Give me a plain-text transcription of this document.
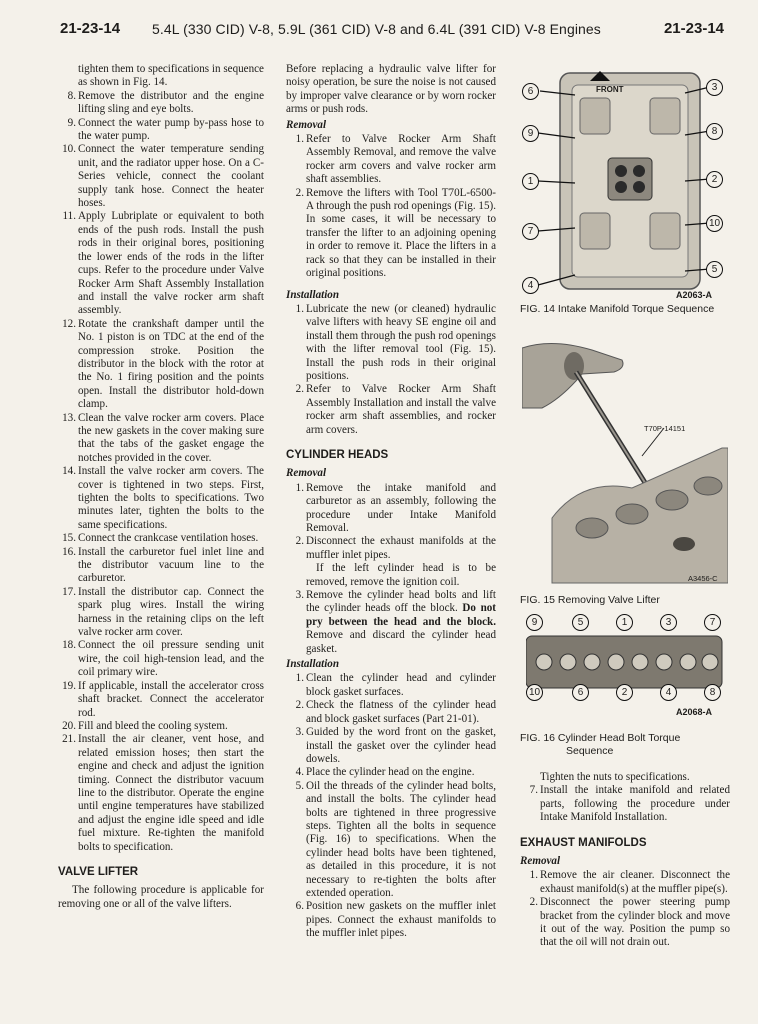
21-23-14 5.4L (330 CID) V-8, 5.9L (361 CID) V-8 and 6.4L (391 CID) V-8 Engines	21-23-14

tighten them to specifications in sequence as shown in Fig. 14.

8. Remove the distributor and the engine lifting sling and eye bolts.
9. Connect the water pump by-pass hose to the water pump.
10. Connect the water temperature sending unit, and the radiator upper hose. On a C-Series vehicle, connect the coolant supply tank hose. Connect the heater hoses.
11. Apply Lubriplate or equivalent to both ends of the push rods. Install the push rods in their original bores, positioning the lower ends of the rods in the lifter cups. Refer to the procedure under Valve Rocker Arm Shaft Assembly Installation and install the valve rocker arm shaft assembly.
12. Rotate the crankshaft damper until the No. 1 piston is on TDC at the end of the compression stroke. Position the distributor in the block with the rotor at the No. 1 firing position and the points open. Install the distributor hold-down clamp.
13. Clean the valve rocker arm covers. Place the new gaskets in the cover making sure that the tabs of the gasket engage the notches provided in the cover.
14. Install the valve rocker arm covers. The cover is tightened in two steps. First, tighten the bolts to specifications. Two minutes later, tighten the bolts to the same specifications.
15. Connect the crankcase ventilation hoses.
16. Install the carburetor fuel inlet line and the distributor vacuum line to the carburetor.
17. Install the distributor cap. Connect the spark plug wires. Install the wiring harness in the retaining clips on the left valve rocker arm cover.
18. Connect the oil pressure sending unit wire, the coil high-tension lead, and the coil primary wire.
19. If applicable, install the accelerator cross shaft bracket. Connect the accelerator rod.
20. Fill and bleed the cooling system.
21. Install the air cleaner, vent hose, and related emission hoses; then start the engine and check and adjust the ignition timing. Connect the distributor vacuum line to the distributor. Operate the engine until engine temperatures have stabilized and adjust the engine idle speed and idle fuel mixture. Re-tighten the manifold bolts to specification.
VALVE LIFTER

The following procedure is applicable for removing one or all of the valve lifters.

Before replacing a hydraulic valve lifter for noisy operation, be sure the noise is not caused by improper valve clearance or by worn rocker arms or push rods.

Removal
1. Refer to Valve Rocker Arm Shaft Assembly Removal, and remove the valve rocker arm covers and valve rocker arm shaft assemblies.
2. Remove the lifters with Tool T70L-6500-A through the push rod openings (Fig. 15). In some cases, it will be necessary to transfer the lifter to an adjoining opening in order to remove it. Place the lifters in a rack so that they can be installed in their original positions.
Installation
1. Lubricate the new (or cleaned) hydraulic valve lifters with heavy SE engine oil and install them through the push rod openings with the lifter removal tool (Fig. 15). Install the push rods in their original positions.
2. Refer to Valve Rocker Arm Shaft Assembly Installation and install the valve rocker arm shaft assemblies, and rocker arm covers.
CYLINDER HEADS
Removal
1. Remove the intake manifold and carburetor as an assembly, following the procedure under Intake Manifold Removal.
2. Disconnect the exhaust manifolds at the muffler inlet pipes.
If the left cylinder head is to be removed, remove the ignition coil.
3. Remove the cylinder head bolts and lift the cylinder heads off the block. Do not pry between the head and the block. Remove and discard the cylinder head gasket.
Installation
1. Clean the cylinder head and cylinder block gasket surfaces.
2. Check the flatness of the cylinder head and block gasket surfaces (Part 21-01).
3. Guided by the word front on the gasket, install the gasket over the cylinder head dowels.
4. Place the cylinder head on the engine.
5. Oil the threads of the cylinder head bolts, and install the bolts. The cylinder head bolts are tightened in three progressive steps. Tighten all the bolts in sequence (Fig. 16) to specifications. When the cylinder head bolts have been tightened, as detailed in this procedure, it is not necessary to re-tighten the bolts after extended operation.
6. Position new gaskets on the muffler inlet pipes. Connect the exhaust manifolds to the muffler inlet pipes.
FRONT
6
9
1
7
4
3
8
2
10
5
A2063-A

FIG. 14 Intake Manifold Torque Sequence

T70P-14151
A3456-C

FIG. 15 Removing Valve Lifter

9	5	1	3	7
10	6	2	4	8
A2068-A

FIG. 16 Cylinder Head Bolt Torque Sequence

Tighten the nuts to specifications.

7. Install the intake manifold and related parts, following the procedure under Intake Manifold Installation.
EXHAUST MANIFOLDS
Removal
1. Remove the air cleaner. Disconnect the exhaust manifold(s) at the muffler pipe(s).
2. Disconnect the power steering pump bracket from the cylinder block and move it out of the way. Position the pump so that the oil will not drain out.
